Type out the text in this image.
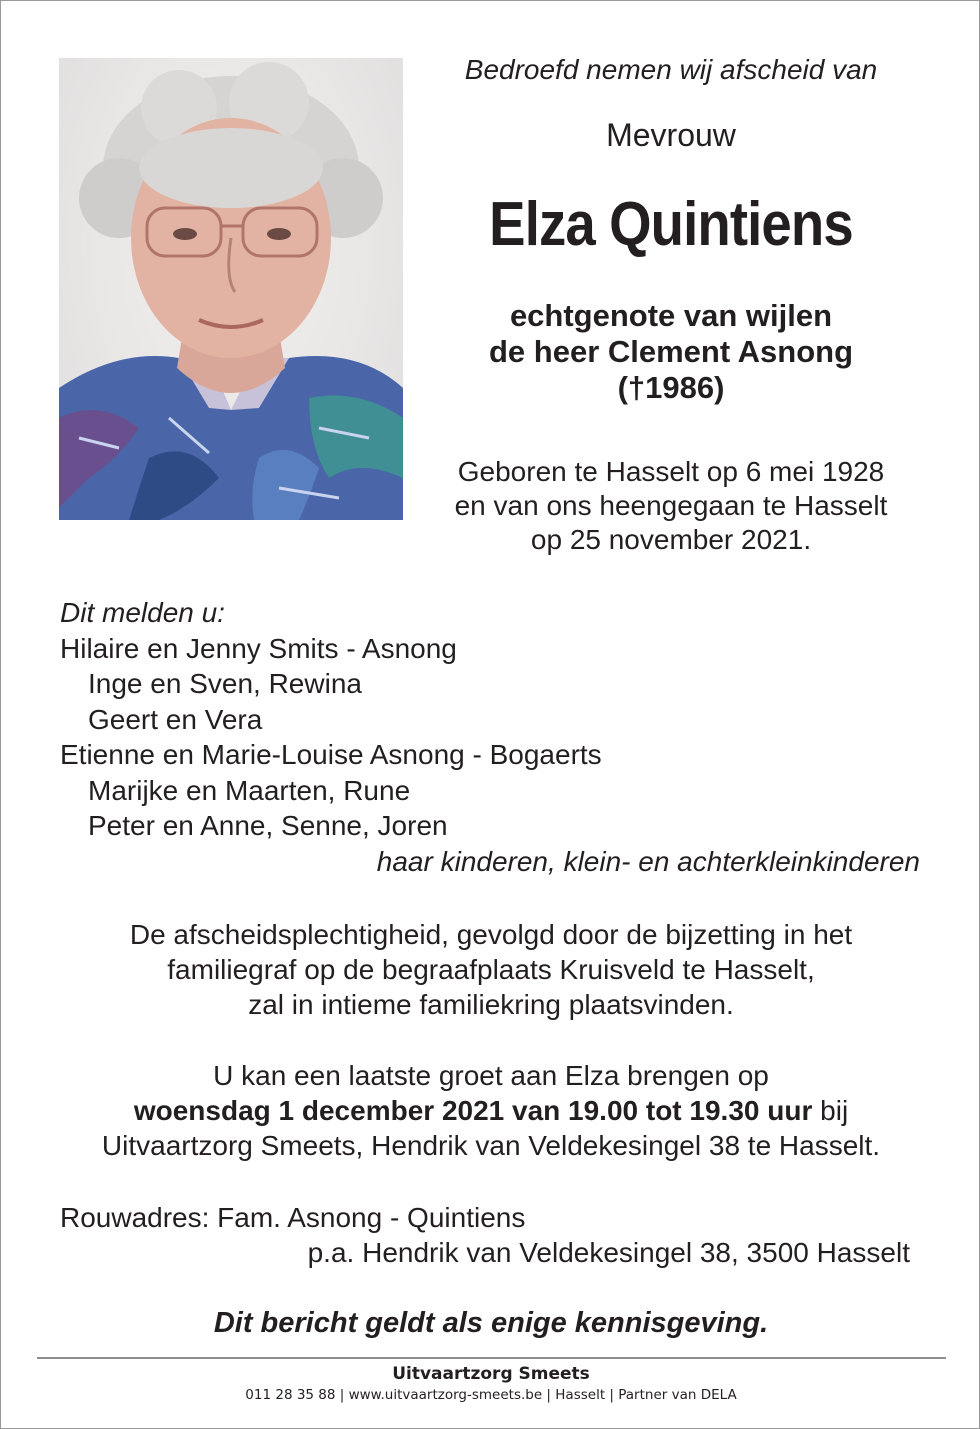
Bedroefd nemen wij afscheid van
Mevrouw
Elza Quintiens
echtgenote van wijlen
de heer Clement Asnong
(†1986)
Geboren te Hasselt op 6 mei 1928
en van ons heengegaan te Hasselt
op 25 november 2021.
Dit melden u:
Hilaire en Jenny Smits - Asnong
Inge en Sven, Rewina
Geert en Vera
Etienne en Marie-Louise Asnong - Bogaerts
Marijke en Maarten, Rune
Peter en Anne, Senne, Joren
haar kinderen, klein- en achterkleinkinderen
De afscheidsplechtigheid, gevolgd door de bijzetting in het
familiegraf op de begraafplaats Kruisveld te Hasselt,
zal in intieme familiekring plaatsvinden.
U kan een laatste groet aan Elza brengen op
woensdag 1 december 2021 van 19.00 tot 19.30 uur bij
Uitvaartzorg Smeets, Hendrik van Veldekesingel 38 te Hasselt.
Rouwadres: Fam. Asnong - Quintiens
p.a. Hendrik van Veldekesingel 38, 3500 Hasselt
Dit bericht geldt als enige kennisgeving.
Uitvaartzorg Smeets
011 28 35 88 | www.uitvaartzorg-smeets.be | Hasselt | Partner van DELA
